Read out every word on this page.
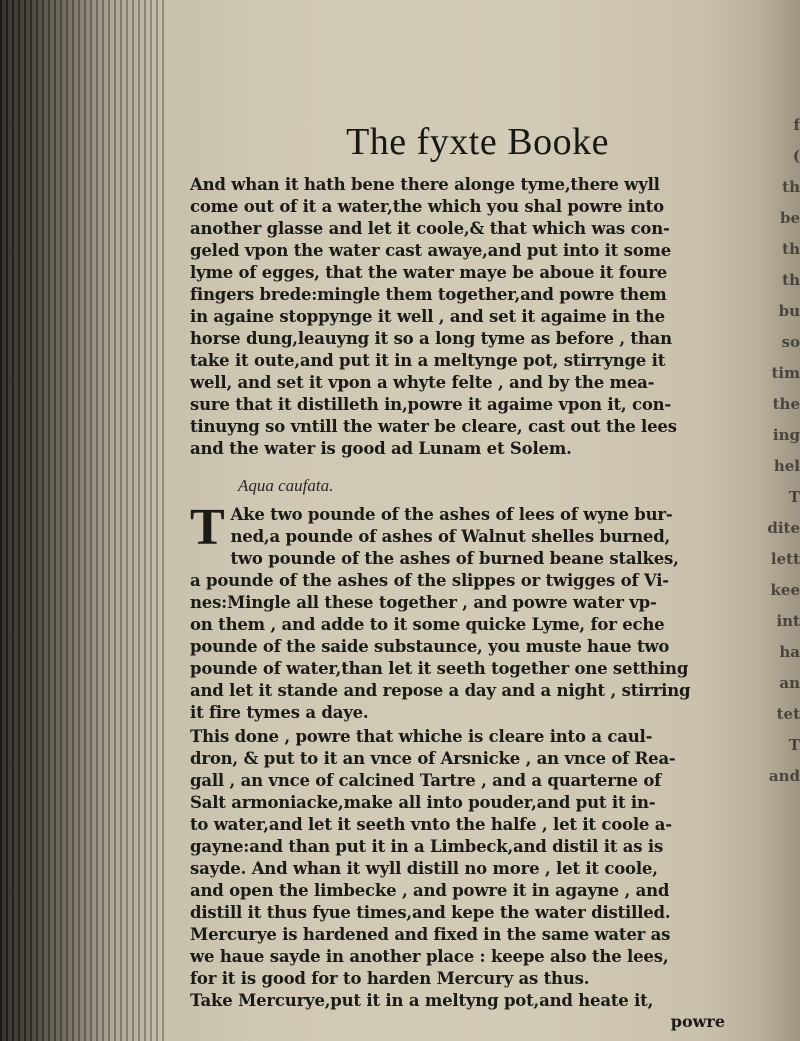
f
(
th
be
th
th
bu
so
tim
the
ing
hel
T
dite
lett
kee
int
ha
an
tet
T
and
The fyxte Booke

And whan it hath bene there alonge tyme,there wyll
come out of it a water,the which you shal powre into
another glasse and let it coole,& that which was con-
geled vpon the water cast awaye,and put into it some
lyme of egges, that the water maye be aboue it foure
fingers brede:mingle them together,and powre them
in againe stoppynge it well , and set it agaime in the
horse dung,leauyng it so a long tyme as before , than
take it oute,and put it in a meltynge pot, stirrynge it
well, and set it vpon a whyte felte , and by the mea-
sure that it distilleth in,powre it agaime vpon it, con-
tinuyng so vntill the water be cleare, cast out the lees
and the water is good ad Lunam et Solem.

Aqua caufata.

T Ake two pounde of the ashes of lees of wyne bur-
ned,a pounde of ashes of Walnut shelles burned,
two pounde of the ashes of burned beane stalkes,
a pounde of the ashes of the slippes or twigges of Vi-
nes:Mingle all these together , and powre water vp-
on them , and adde to it some quicke Lyme, for eche
pounde of the saide substaunce, you muste haue two
pounde of water,than let it seeth together one setthing
and let it stande and repose a day and a night , stirring
it fire tymes a daye.

This done , powre that whiche is cleare into a caul-
dron, & put to it an vnce of Arsnicke , an vnce of Rea-
gall , an vnce of calcined Tartre , and a quarterne of
Salt armoniacke,make all into pouder,and put it in-
to water,and let it seeth vnto the halfe , let it coole a-
gayne:and than put it in a Limbeck,and distil it as is
sayde. And whan it wyll distill no more , let it coole,
and open the limbecke , and powre it in agayne , and
distill it thus fyue times,and kepe the water distilled.
Mercurye is hardened and fixed in the same water as
we haue sayde in another place : keepe also the lees,
for it is good for to harden Mercury as thus.
Take Mercurye,put it in a meltyng pot,and heate it,

powre
